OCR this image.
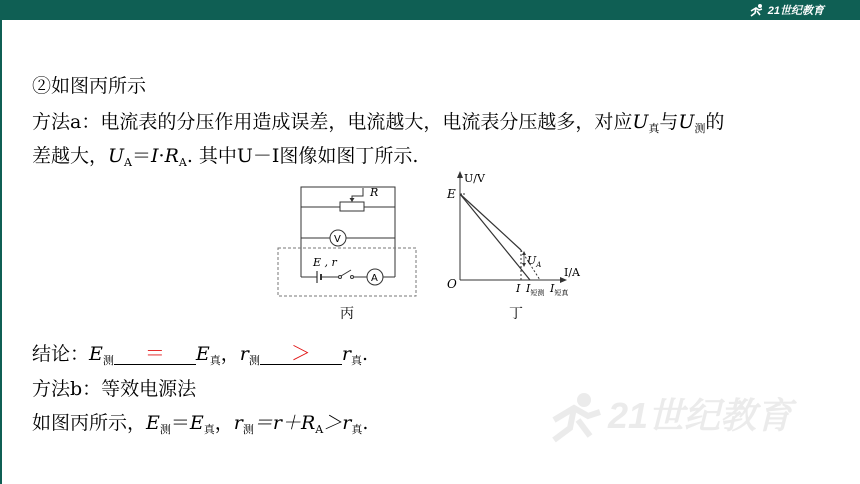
21世纪教育
②如图丙所示
方法a：电流表的分压作用造成误差，电流越大，电流表分压越多，对应$U_真$与$U_测$的
差越大，$U_A=I\cdot R_A$. 其中U－I图像如图丁所示.
R
V
A
E , r
丙
U/V
I/A
E
O
$U_A$
I $I_{短测}$ $I_{短真}$
丁
结论：$E_测 = E_真$，$r_测 > r_真$.
方法b：等效电源法
如图丙所示，$E_测=E_真$，$r_测=r+R_A>r_真$.	21世纪教育
